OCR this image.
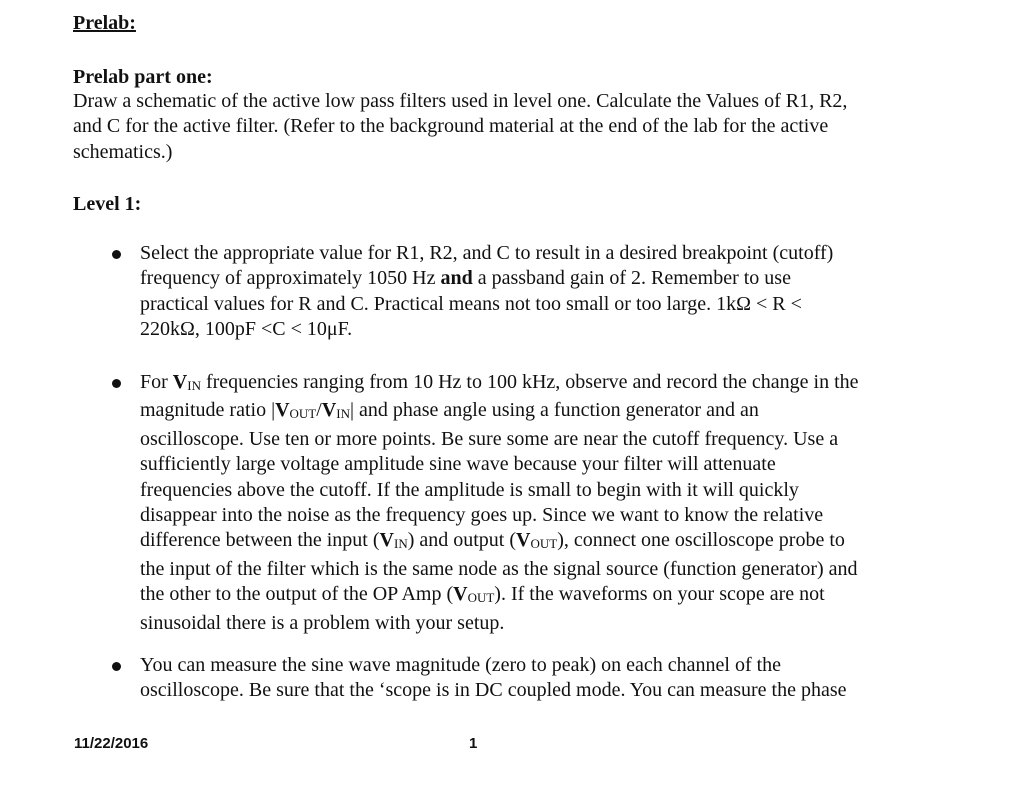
Prelab:
Prelab part one:

Draw a schematic of the active low pass filters used in level one. Calculate the Values of R1, R2,
and C for the active filter. (Refer to the background material at the end of the lab for the active
schematics.)

Level 1:

Select the appropriate value for R1, R2, and C to result in a desired breakpoint (cutoff)
frequency of approximately 1050 Hz and a passband gain of 2. Remember to use
practical values for R and C. Practical means not too small or too large. 1kΩ < R <
220kΩ, 100pF <C < 10μF.

For VIN frequencies ranging from 10 Hz to 100 kHz, observe and record the change in the
magnitude ratio |VOUT/VIN| and phase angle using a function generator and an
oscilloscope. Use ten or more points. Be sure some are near the cutoff frequency. Use a
sufficiently large voltage amplitude sine wave because your filter will attenuate
frequencies above the cutoff. If the amplitude is small to begin with it will quickly
disappear into the noise as the frequency goes up. Since we want to know the relative
difference between the input (VIN) and output (VOUT), connect one oscilloscope probe to
the input of the filter which is the same node as the signal source (function generator) and
the other to the output of the OP Amp (VOUT). If the waveforms on your scope are not
sinusoidal there is a problem with your setup.

You can measure the sine wave magnitude (zero to peak) on each channel of the
oscilloscope. Be sure that the ‘scope is in DC coupled mode. You can measure the phase

11/22/2016	1
